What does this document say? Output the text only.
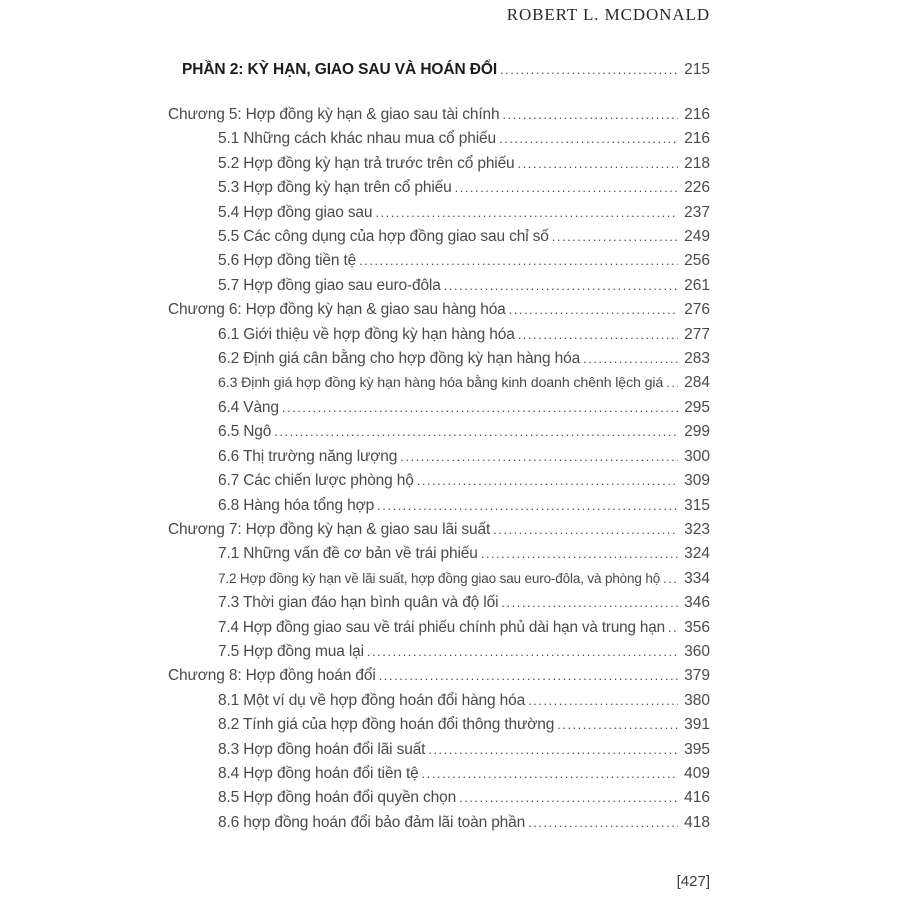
ROBERT L. MCDONALD
PHẦN 2: KỲ HẠN, GIAO SAU VÀ HOÁN ĐỔI .....	215
Chương 5: Hợp đồng kỳ hạn & giao sau tài chính .....	216
5.1 Những cách khác nhau mua cổ phiếu .....	216
5.2 Hợp đồng kỳ hạn trả trước trên cổ phiếu .....	218
5.3 Hợp đồng kỳ hạn trên cổ phiếu .....	226
5.4 Hợp đồng giao sau .....	237
5.5 Các công dụng của hợp đồng giao sau chỉ số .....	249
5.6 Hợp đồng tiền tệ .....	256
5.7 Hợp đồng giao sau euro-đôla .....	261
Chương 6: Hợp đồng kỳ hạn & giao sau hàng hóa .....	276
6.1 Giới thiệu về hợp đồng kỳ hạn hàng hóa .....	277
6.2 Định giá cân bằng cho hợp đồng kỳ hạn hàng hóa .....	283
6.3 Định giá hợp đồng kỳ hạn hàng hóa bằng kinh doanh chênh lệch giá ..... 284
6.4 Vàng .....	295
6.5 Ngô .....	299
6.6 Thị trường năng lượng .....	300
6.7 Các chiến lược phòng hộ .....	309
6.8 Hàng hóa tổng hợp .....	315
Chương 7: Hợp đồng kỳ hạn & giao sau lãi suất .....	323
7.1 Những vấn đề cơ bản về trái phiếu .....	324
7.2 Hợp đồng kỳ hạn về lãi suất, hợp đồng giao sau euro-đôla, và phòng hộ ..... 334
7.3 Thời gian đáo hạn bình quân và độ lối .....	346
7.4 Hợp đồng giao sau về trái phiếu chính phủ dài hạn và trung hạn ..... 356
7.5 Hợp đồng mua lại .....	360
Chương 8: Hợp đồng hoán đổi .....	379
8.1 Một ví dụ về hợp đồng hoán đổi hàng hóa .....	380
8.2 Tính giá của hợp đồng hoán đổi thông thường .....	391
8.3 Hợp đồng hoán đổi lãi suất .....	395
8.4 Hợp đồng hoán đổi tiền tệ .....	409
8.5 Hợp đồng hoán đổi quyền chọn .....	416
8.6 hợp đồng hoán đổi bảo đảm lãi toàn phần .....	418
[427]
